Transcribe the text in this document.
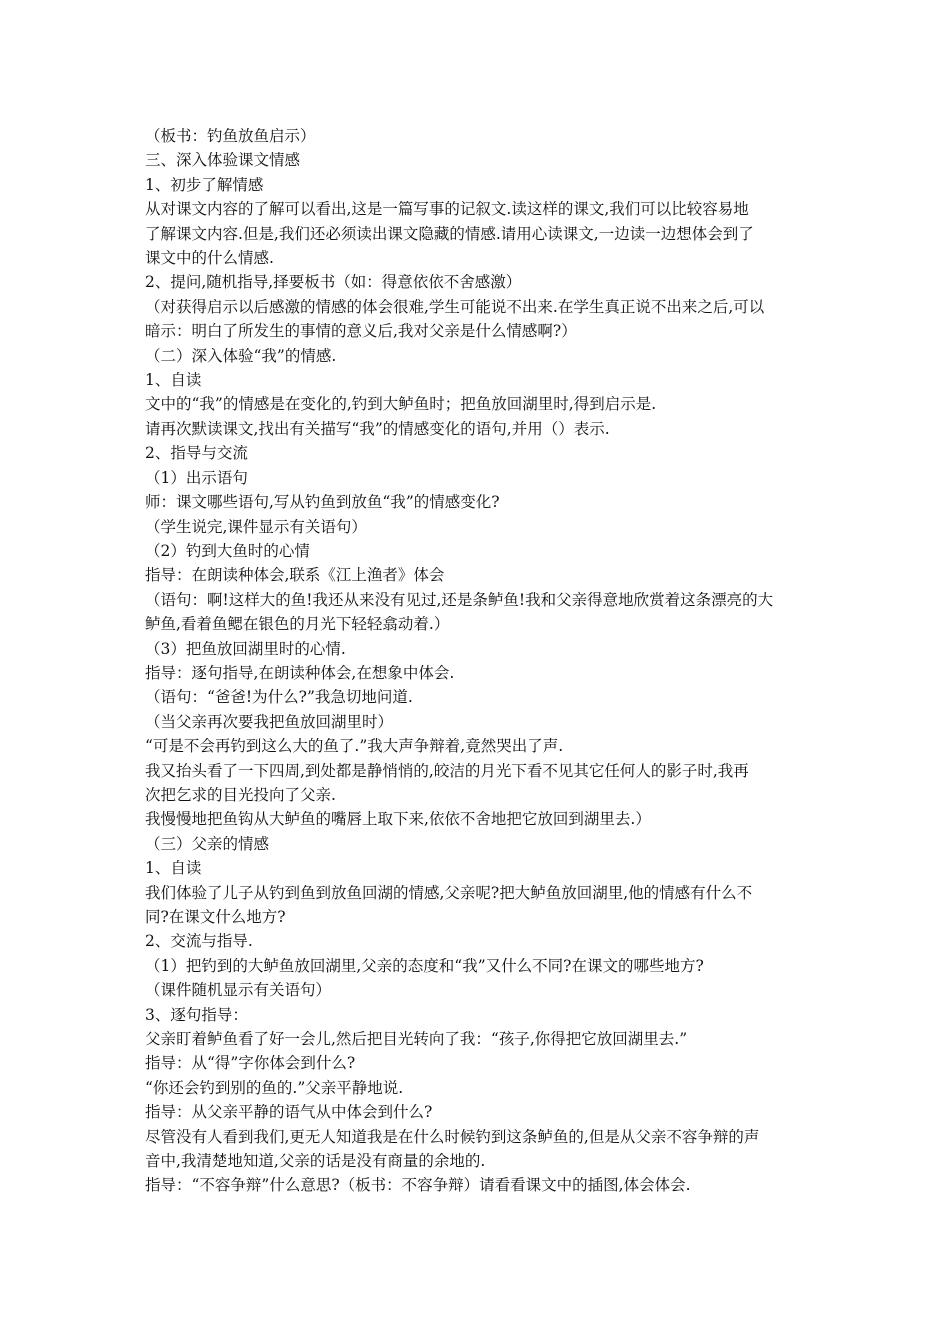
（板书：钓鱼放鱼启示）
三、深入体验课文情感
1、初步了解情感
从对课文内容的了解可以看出,这是一篇写事的记叙文.读这样的课文,我们可以比较容易地
了解课文内容.但是,我们还必须读出课文隐藏的情感.请用心读课文,一边读一边想体会到了
课文中的什么情感.
2、提问,随机指导,择要板书（如：得意依依不舍感激）
（对获得启示以后感激的情感的体会很难,学生可能说不出来.在学生真正说不出来之后,可以
暗示：明白了所发生的事情的意义后,我对父亲是什么情感啊?）
（二）深入体验“我”的情感.
1、自读
文中的“我”的情感是在变化的,钓到大鲈鱼时；把鱼放回湖里时,得到启示是.
请再次默读课文,找出有关描写“我”的情感变化的语句,并用（）表示.
2、指导与交流
（1）出示语句
师：课文哪些语句,写从钓鱼到放鱼“我”的情感变化?
（学生说完,课件显示有关语句）
（2）钓到大鱼时的心情
指导：在朗读种体会,联系《江上渔者》体会
（语句：啊!这样大的鱼!我还从来没有见过,还是条鲈鱼!我和父亲得意地欣赏着这条漂亮的大
鲈鱼,看着鱼鳃在银色的月光下轻轻翕动着.）
（3）把鱼放回湖里时的心情.
指导：逐句指导,在朗读种体会,在想象中体会.
（语句：“爸爸!为什么?”我急切地问道.
（当父亲再次要我把鱼放回湖里时）
“可是不会再钓到这么大的鱼了.”我大声争辩着,竟然哭出了声.
我又抬头看了一下四周,到处都是静悄悄的,皎洁的月光下看不见其它任何人的影子时,我再
次把乞求的目光投向了父亲.
我慢慢地把鱼钩从大鲈鱼的嘴唇上取下来,依依不舍地把它放回到湖里去.）
（三）父亲的情感
1、自读
我们体验了儿子从钓到鱼到放鱼回湖的情感,父亲呢?把大鲈鱼放回湖里,他的情感有什么不
同?在课文什么地方?
2、交流与指导.
（1）把钓到的大鲈鱼放回湖里,父亲的态度和“我”又什么不同?在课文的哪些地方?
（课件随机显示有关语句）
3、逐句指导：
父亲盯着鲈鱼看了好一会儿,然后把目光转向了我：“孩子,你得把它放回湖里去.”
指导：从“得”字你体会到什么?
“你还会钓到别的鱼的.”父亲平静地说.
指导：从父亲平静的语气从中体会到什么?
尽管没有人看到我们,更无人知道我是在什么时候钓到这条鲈鱼的,但是从父亲不容争辩的声
音中,我清楚地知道,父亲的话是没有商量的余地的.
指导：“不容争辩”什么意思?（板书：不容争辩）请看看课文中的插图,体会体会.
